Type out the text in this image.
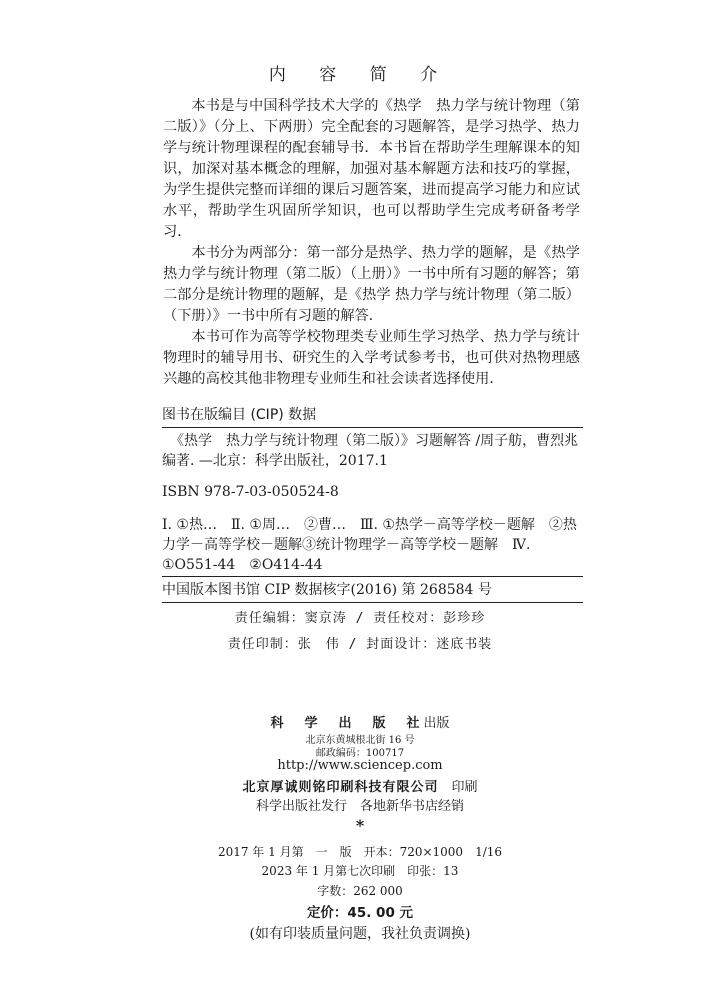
内 容 简 介

本书是与中国科学技术大学的《热学　热力学与统计物理（第二版）》（分上、下两册）完全配套的习题解答，是学习热学、热力学与统计物理课程的配套辅导书．本书旨在帮助学生理解课本的知识，加深对基本概念的理解，加强对基本解题方法和技巧的掌握，为学生提供完整而详细的课后习题答案，进而提高学习能力和应试水平，帮助学生巩固所学知识，也可以帮助学生完成考研备考学习．

本书分为两部分：第一部分是热学、热力学的题解，是《热学　热力学与统计物理（第二版）（上册）》一书中所有习题的解答；第二部分是统计物理的题解，是《热学 热力学与统计物理（第二版）（下册）》一书中所有习题的解答．

本书可作为高等学校物理类专业师生学习热学、热力学与统计物理时的辅导用书、研究生的入学考试参考书，也可供对热物理感兴趣的高校其他非物理专业师生和社会读者选择使用．

图书在版编目 (CIP) 数据

《热学　热力学与统计物理（第二版）》习题解答 /周子舫，曹烈兆编著. —北京：科学出版社，2017.1

ISBN 978-7-03-050524-8

Ⅰ. ①热…　Ⅱ. ①周…　②曹…　Ⅲ. ①热学－高等学校－题解　②热力学－高等学校－题解③统计物理学－高等学校－题解　Ⅳ. ①O551-44　②O414-44

中国版本图书馆 CIP 数据核字(2016) 第 268584 号

责任编辑：窦京涛 / 责任校对：彭珍珍
责任印制：张　伟 / 封面设计：迷底书装
科　学　出　版　社出版
北京东黄城根北街 16 号
邮政编码：100717
http://www.sciencep.com
北京厚诚则铭印刷科技有限公司　 印刷
科学出版社发行　各地新华书店经销
*
2017 年 1 月第　一　版　开本：720×1000　1/16
2023 年 1 月第七次印刷　印张：13
字数：262 000
定价：45. 00 元
(如有印装质量问题，我社负责调换)
